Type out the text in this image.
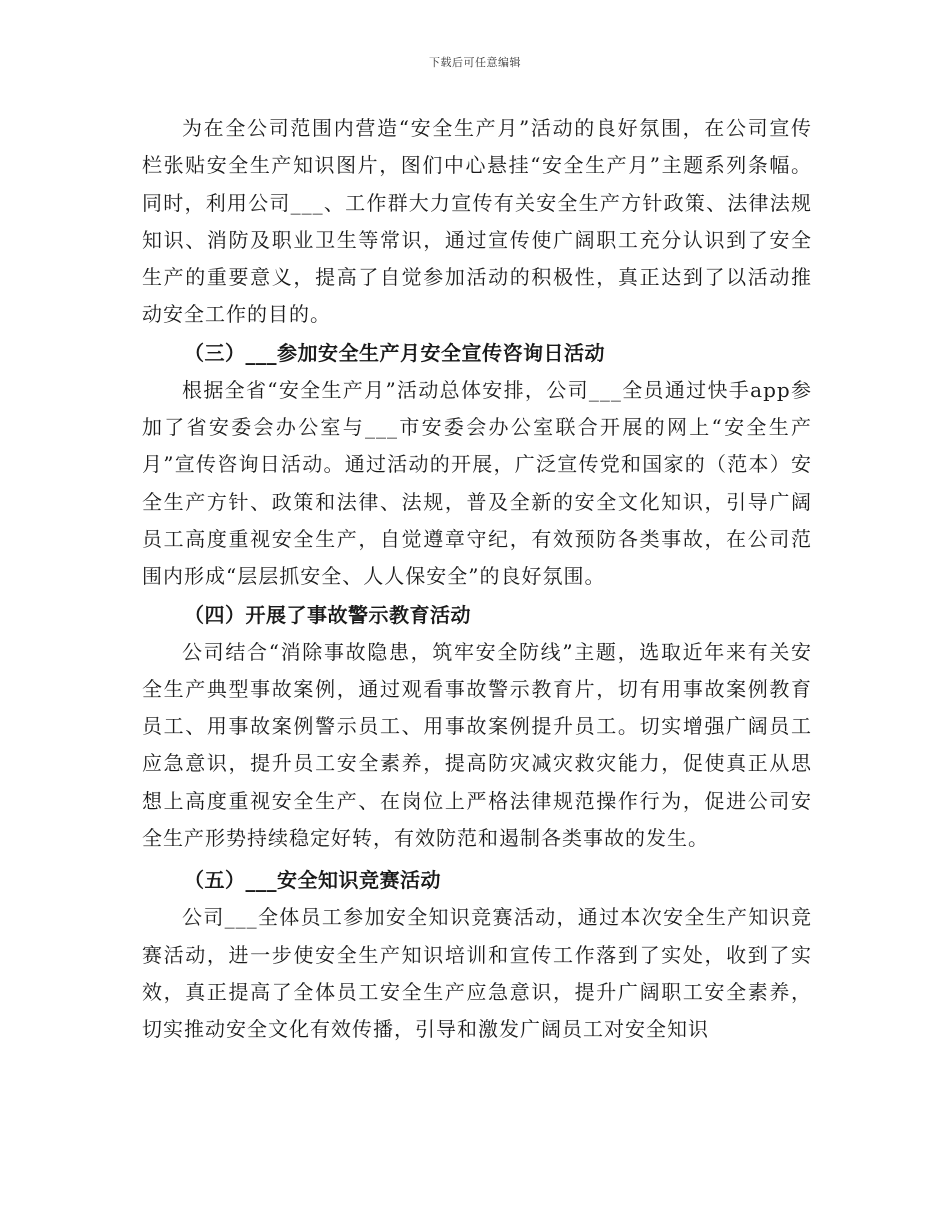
下载后可任意编辑

为在全公司范围内营造“安全生产月”活动的良好氛围，在公司宣传栏张贴安全生产知识图片，图们中心悬挂“安全生产月”主题系列条幅。同时，利用公司___、工作群大力宣传有关安全生产方针政策、法律法规知识、消防及职业卫生等常识，通过宣传使广阔职工充分认识到了安全生产的重要意义，提高了自觉参加活动的积极性，真正达到了以活动推动安全工作的目的。

（三）___参加安全生产月安全宣传咨询日活动

根据全省“安全生产月”活动总体安排，公司___全员通过快手app参加了省安委会办公室与___市安委会办公室联合开展的网上“安全生产月”宣传咨询日活动。通过活动的开展，广泛宣传党和国家的（范本）安全生产方针、政策和法律、法规，普及全新的安全文化知识，引导广阔员工高度重视安全生产，自觉遵章守纪，有效预防各类事故，在公司范围内形成“层层抓安全、人人保安全”的良好氛围。

（四）开展了事故警示教育活动

公司结合“消除事故隐患，筑牢安全防线”主题，选取近年来有关安全生产典型事故案例，通过观看事故警示教育片，切有用事故案例教育员工、用事故案例警示员工、用事故案例提升员工。切实增强广阔员工应急意识，提升员工安全素养，提高防灾减灾救灾能力，促使真正从思想上高度重视安全生产、在岗位上严格法律规范操作行为，促进公司安全生产形势持续稳定好转，有效防范和遏制各类事故的发生。

（五）___安全知识竞赛活动

公司___全体员工参加安全知识竞赛活动，通过本次安全生产知识竞赛活动，进一步使安全生产知识培训和宣传工作落到了实处，收到了实效，真正提高了全体员工安全生产应急意识，提升广阔职工安全素养，切实推动安全文化有效传播，引导和激发广阔员工对安全知识
